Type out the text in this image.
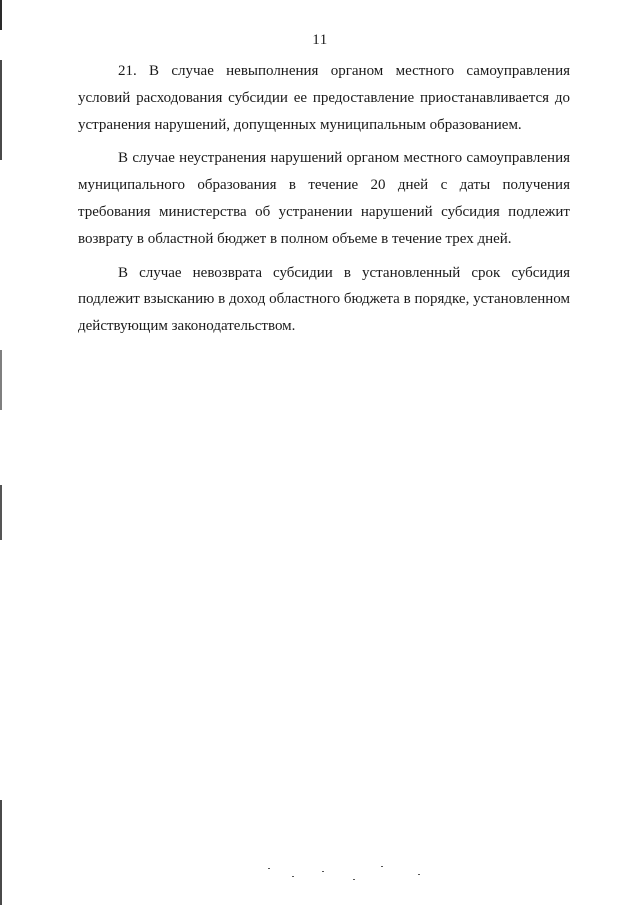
11

21. В случае невыполнения органом местного самоуправления условий расходования субсидии ее предоставление приостанавливается до устранения нарушений, допущенных муниципальным образованием.

В случае неустранения нарушений органом местного самоуправления муниципального образования в течение 20 дней с даты получения требования министерства об устранении нарушений субсидия подлежит возврату в областной бюджет в полном объеме в течение трех дней.

В случае невозврата субсидии в установленный срок субсидия подлежит взысканию в доход областного бюджета в порядке, установленном действующим законодательством.
